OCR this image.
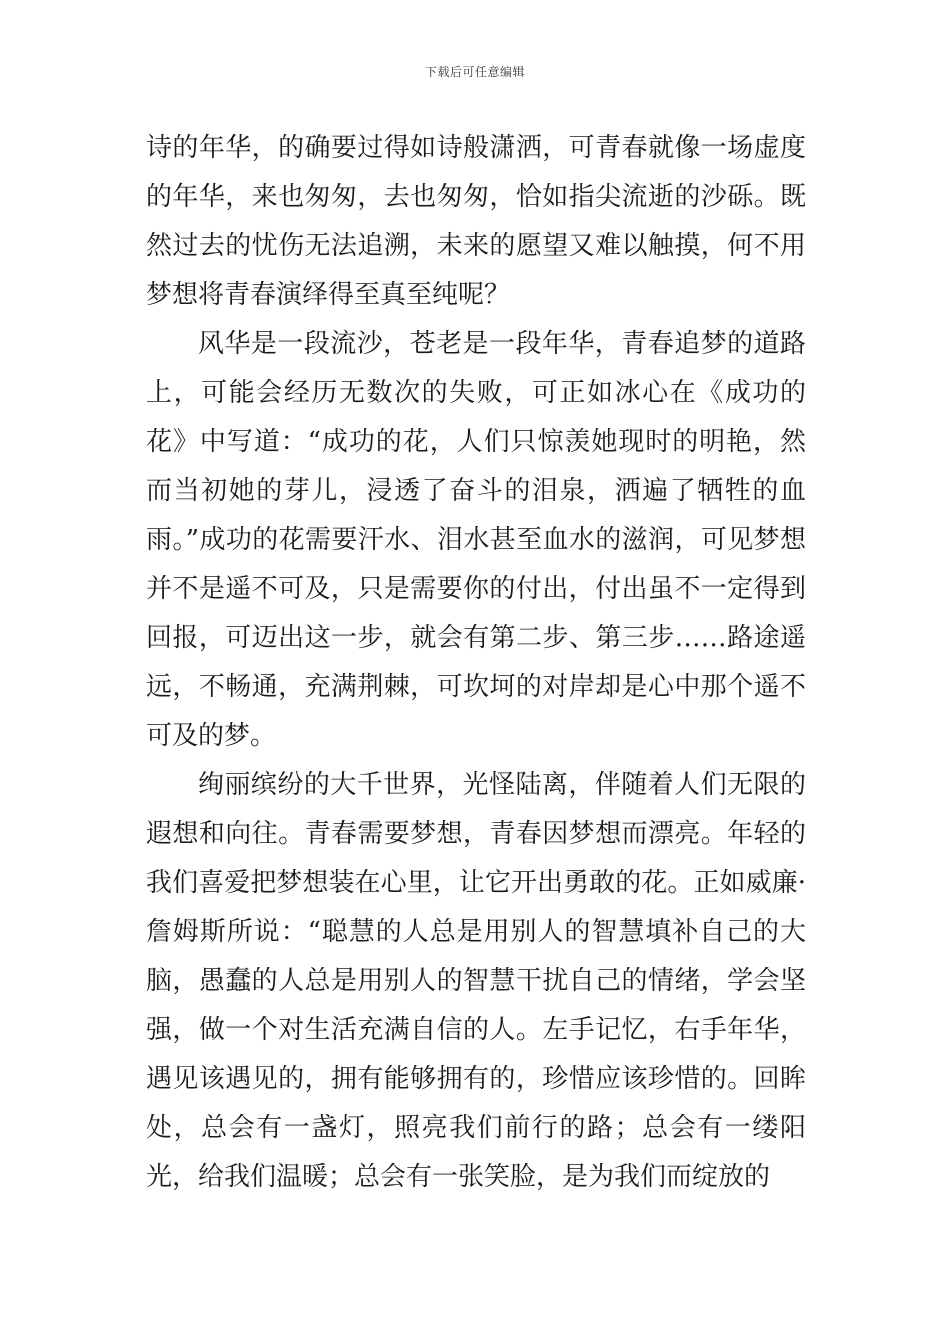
下载后可任意编辑

诗的年华，的确要过得如诗般潇洒，可青春就像一场虚度的年华，来也匆匆，去也匆匆，恰如指尖流逝的沙砾。既然过去的忧伤无法追溯，未来的愿望又难以触摸，何不用梦想将青春演绎得至真至纯呢？

风华是一段流沙，苍老是一段年华，青春追梦的道路上，可能会经历无数次的失败，可正如冰心在《成功的花》中写道：“成功的花，人们只惊羡她现时的明艳，然而当初她的芽儿，浸透了奋斗的泪泉，洒遍了牺牲的血雨。”成功的花需要汗水、泪水甚至血水的滋润，可见梦想并不是遥不可及，只是需要你的付出，付出虽不一定得到回报，可迈出这一步，就会有第二步、第三步……路途遥远，不畅通，充满荆棘，可坎坷的对岸却是心中那个遥不可及的梦。

绚丽缤纷的大千世界，光怪陆离，伴随着人们无限的遐想和向往。青春需要梦想，青春因梦想而漂亮。年轻的我们喜爱把梦想装在心里，让它开出勇敢的花。正如威廉·詹姆斯所说：“聪慧的人总是用别人的智慧填补自己的大脑，愚蠢的人总是用别人的智慧干扰自己的情绪，学会坚强，做一个对生活充满自信的人。左手记忆，右手年华，遇见该遇见的，拥有能够拥有的，珍惜应该珍惜的。回眸处，总会有一盏灯，照亮我们前行的路；总会有一缕阳光，给我们温暖；总会有一张笑脸，是为我们而绽放的
